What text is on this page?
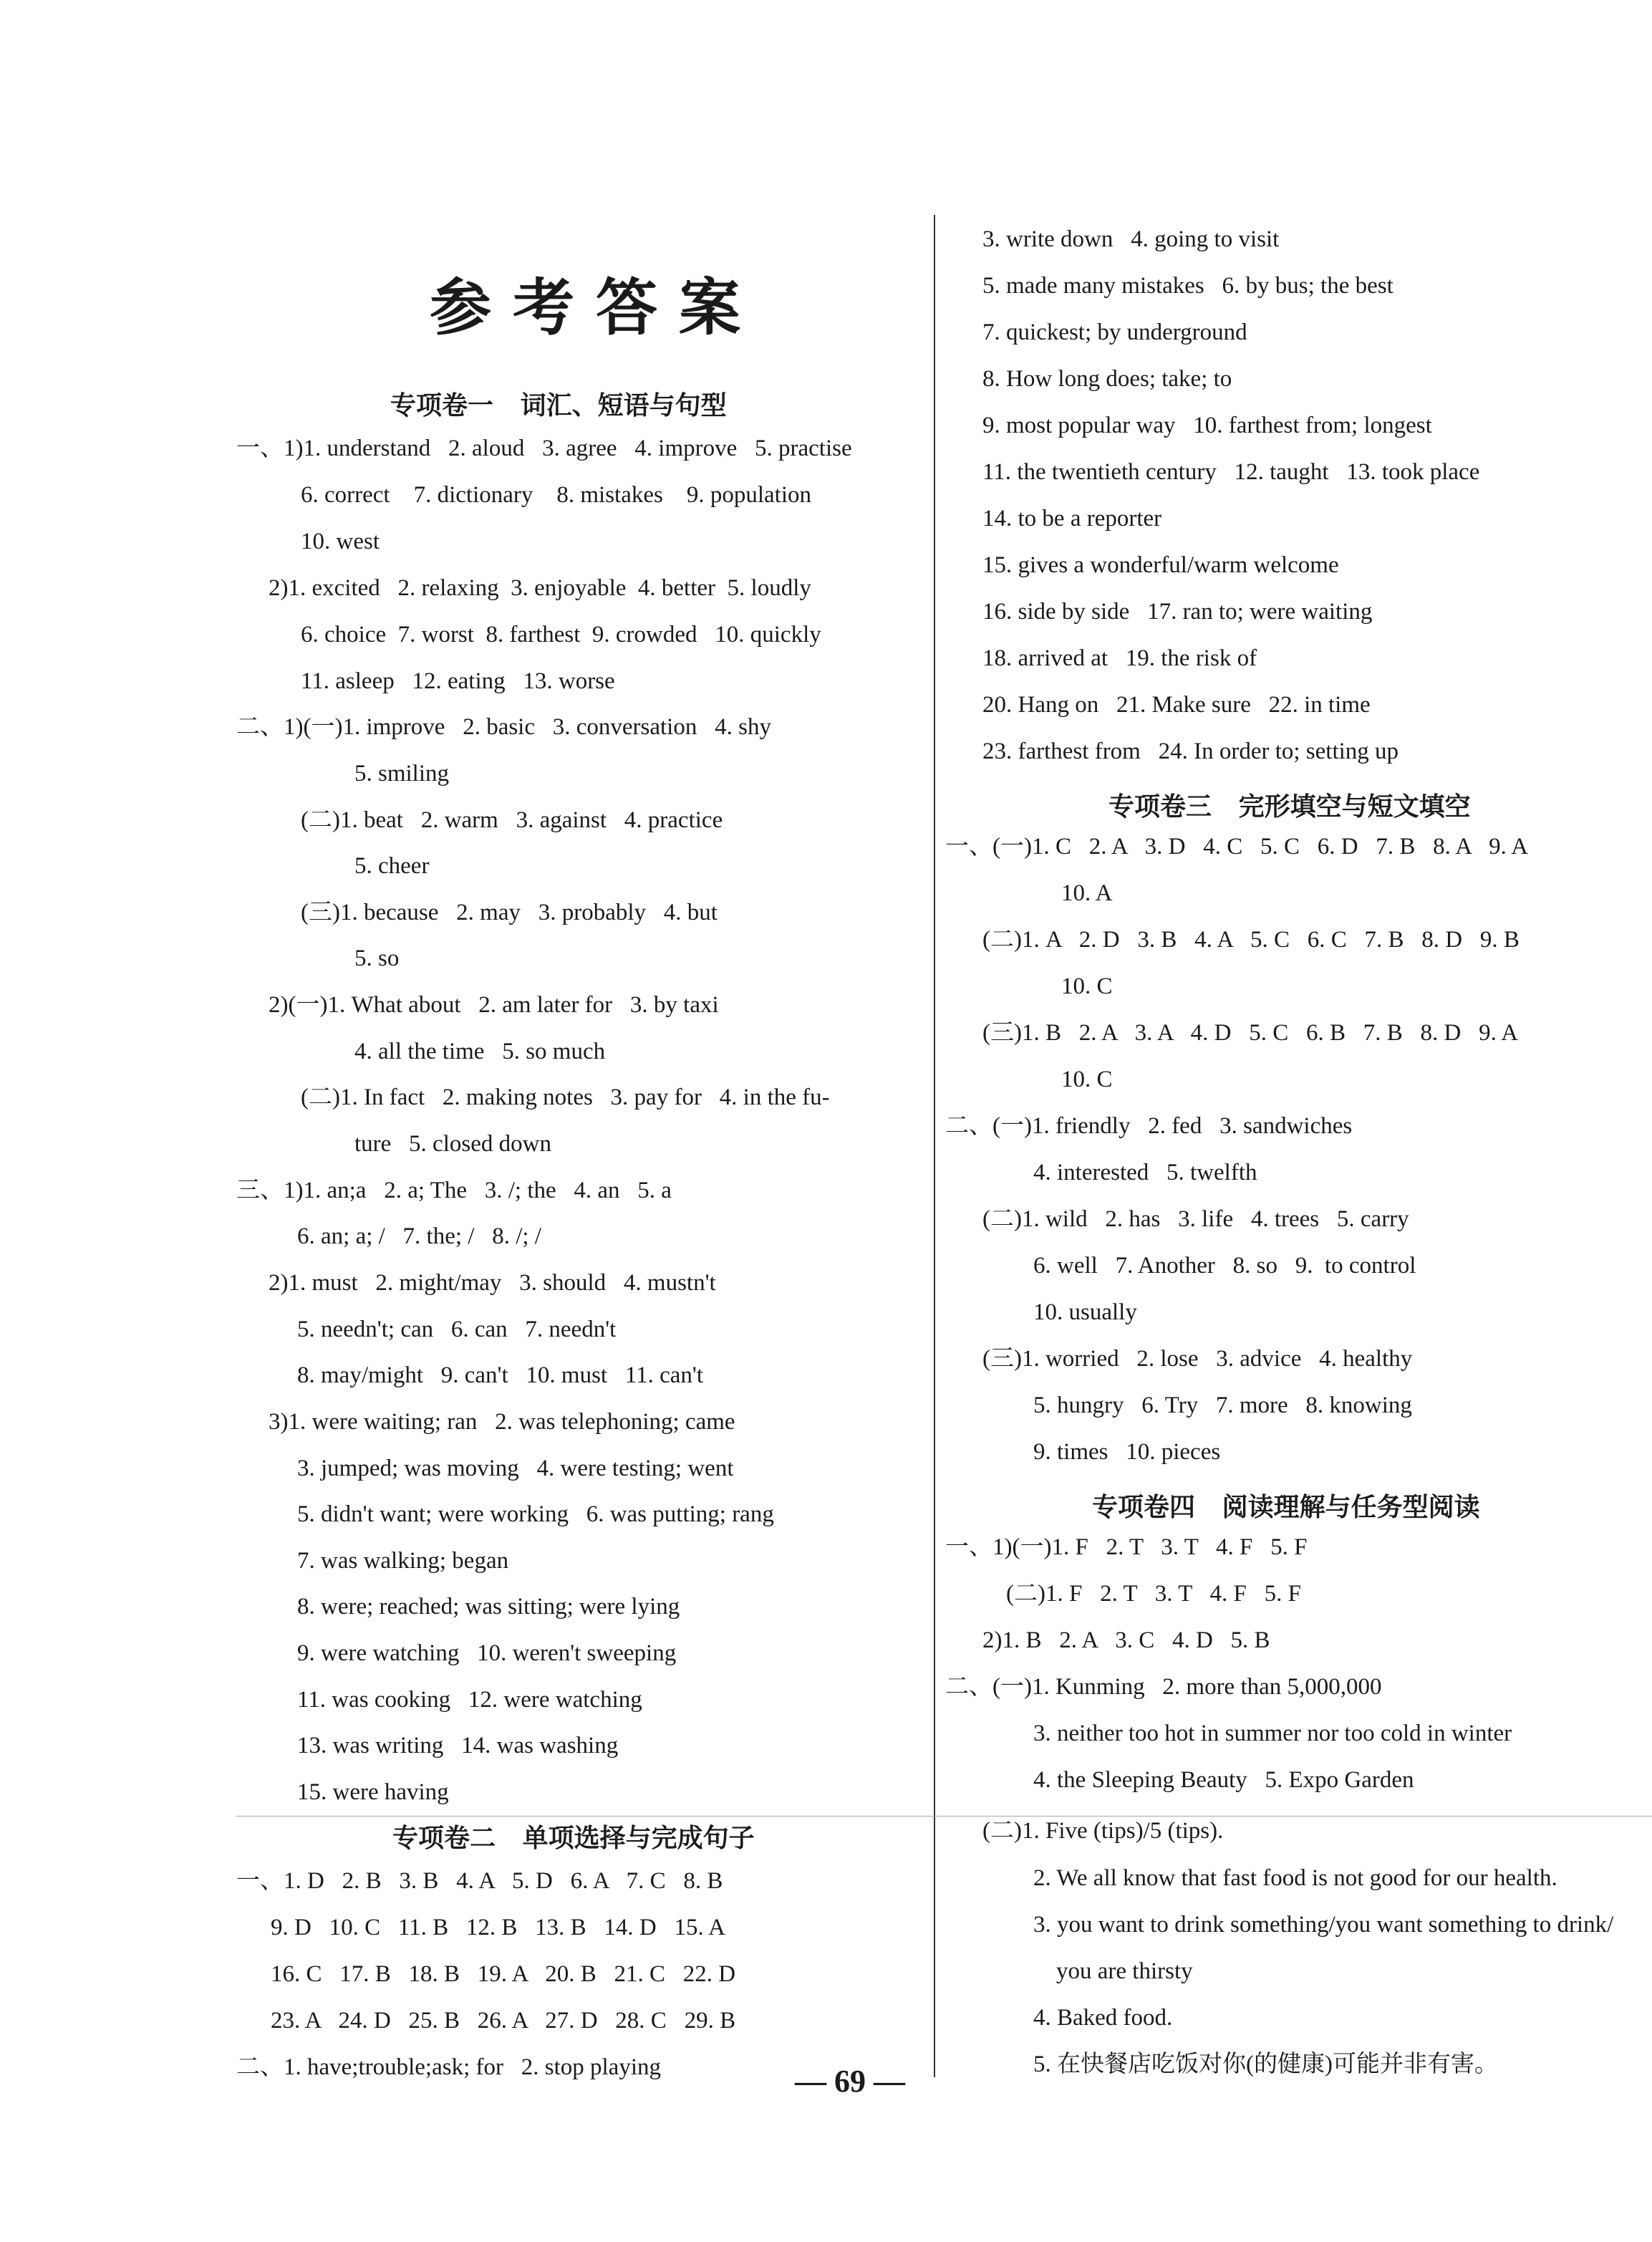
参考答案
专项卷一   词汇、短语与句型
一、1)1. understand   2. aloud   3. agree   4. improve   5. practise
6. correct    7. dictionary    8. mistakes    9. population
10. west
2)1. excited   2. relaxing  3. enjoyable  4. better  5. loudly
6. choice  7. worst  8. farthest  9. crowded   10. quickly
11. asleep   12. eating   13. worse
二、1)(一)1. improve   2. basic   3. conversation   4. shy
5. smiling
(二)1. beat   2. warm   3. against   4. practice
5. cheer
(三)1. because   2. may   3. probably   4. but
5. so
2)(一)1. What about   2. am later for   3. by taxi
4. all the time   5. so much
(二)1. In fact   2. making notes   3. pay for   4. in the fu-
ture   5. closed down
三、1)1. an;a   2. a; The   3. /; the   4. an   5. a
6. an; a; /   7. the; /   8. /; /
2)1. must   2. might/may   3. should   4. mustn't
5. needn't; can   6. can   7. needn't
8. may/might   9. can't   10. must   11. can't
3)1. were waiting; ran   2. was telephoning; came
3. jumped; was moving   4. were testing; went
5. didn't want; were working   6. was putting; rang
7. was walking; began
8. were; reached; was sitting; were lying
9. were watching   10. weren't sweeping
11. was cooking   12. were watching
13. was writing   14. was washing
15. were having
专项卷二   单项选择与完成句子
一、1. D   2. B   3. B   4. A   5. D   6. A   7. C   8. B
9. D   10. C   11. B   12. B   13. B   14. D   15. A
16. C   17. B   18. B   19. A   20. B   21. C   22. D
23. A   24. D   25. B   26. A   27. D   28. C   29. B
二、1. have;trouble;ask; for   2. stop playing
3. write down   4. going to visit
5. made many mistakes   6. by bus; the best
7. quickest; by underground
8. How long does; take; to
9. most popular way   10. farthest from; longest
11. the twentieth century   12. taught   13. took place
14. to be a reporter
15. gives a wonderful/warm welcome
16. side by side   17. ran to; were waiting
18. arrived at   19. the risk of
20. Hang on   21. Make sure   22. in time
23. farthest from   24. In order to; setting up
专项卷三   完形填空与短文填空
一、(一)1. C   2. A   3. D   4. C   5. C   6. D   7. B   8. A   9. A
10. A
(二)1. A   2. D   3. B   4. A   5. C   6. C   7. B   8. D   9. B
10. C
(三)1. B   2. A   3. A   4. D   5. C   6. B   7. B   8. D   9. A
10. C
二、(一)1. friendly   2. fed   3. sandwiches
4. interested   5. twelfth
(二)1. wild   2. has   3. life   4. trees   5. carry
6. well   7. Another   8. so   9.  to control
10. usually
(三)1. worried   2. lose   3. advice   4. healthy
5. hungry   6. Try   7. more   8. knowing
9. times   10. pieces
专项卷四   阅读理解与任务型阅读
一、1)(一)1. F   2. T   3. T   4. F   5. F
(二)1. F   2. T   3. T   4. F   5. F
2)1. B   2. A   3. C   4. D   5. B
二、(一)1. Kunming   2. more than 5,000,000
3. neither too hot in summer nor too cold in winter
4. the Sleeping Beauty   5. Expo Garden
(二)1. Five (tips)/5 (tips).
2. We all know that fast food is not good for our health.
3. you want to drink something/you want something to drink/
you are thirsty
4. Baked food.
5. 在快餐店吃饭对你(的健康)可能并非有害。
— 69 —
